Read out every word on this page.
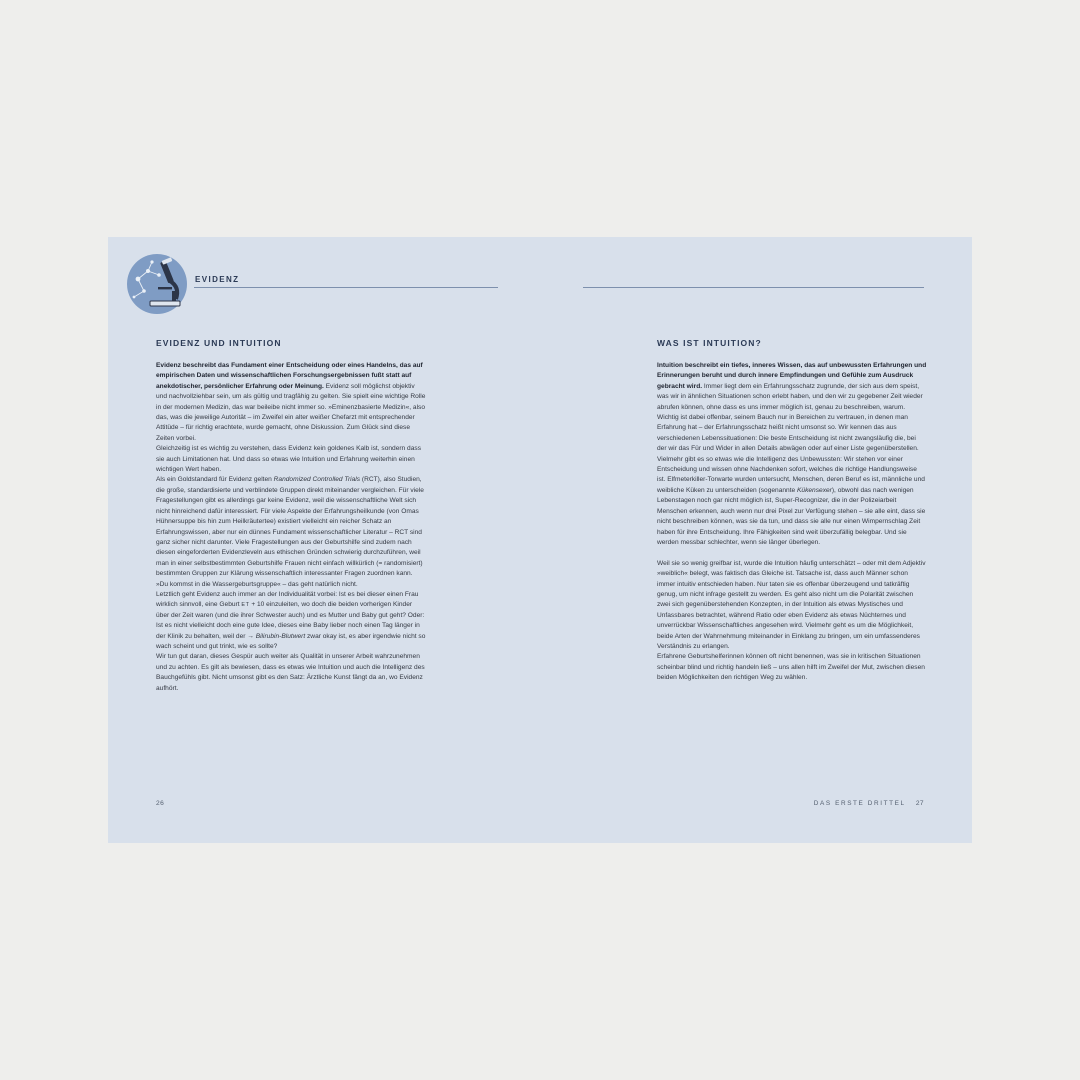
EVIDENZ
EVIDENZ UND INTUITION

Evidenz beschreibt das Fundament einer Entscheidung oder eines Handelns, das auf empirischen Daten und wissenschaftlichen Forschungsergebnissen fußt statt auf anekdotischer, persönlicher Erfahrung oder Meinung. Evidenz soll möglichst objektiv und nachvollziehbar sein, um als gültig und tragfähig zu gelten. Sie spielt eine wichtige Rolle in der modernen Medizin, das war beileibe nicht immer so. »Eminenzbasierte Medizin«, also das, was die jeweilige Autorität – im Zweifel ein alter weißer Chefarzt mit entsprechender Attitüde – für richtig erachtete, wurde gemacht, ohne Diskussion. Zum Glück sind diese Zeiten vorbei.

Gleichzeitig ist es wichtig zu verstehen, dass Evidenz kein goldenes Kalb ist, sondern dass sie auch Limitationen hat. Und dass so etwas wie Intuition und Erfahrung weiterhin einen wichtigen Wert haben.

Als ein Goldstandard für Evidenz gelten Randomized Controlled Trials (RCT), also Studien, die große, standardisierte und verblindete Gruppen direkt miteinander vergleichen. Für viele Fragestellungen gibt es allerdings gar keine Evidenz, weil die wissenschaftliche Welt sich nicht hinreichend dafür interessiert. Für viele Aspekte der Erfahrungsheilkunde (von Omas Hühnersuppe bis hin zum Heilkräutertee) existiert vielleicht ein reicher Schatz an Erfahrungswissen, aber nur ein dünnes Fundament wissenschaftlicher Literatur – RCT sind ganz sicher nicht darunter. Viele Fragestellungen aus der Geburtshilfe sind zudem nach diesen eingeforderten Evidenzleveln aus ethischen Gründen schwierig durchzuführen, weil man in einer selbstbestimmten Geburtshilfe Frauen nicht einfach willkürlich (= randomisiert) bestimmten Gruppen zur Klärung wissenschaftlich interessanter Fragen zuordnen kann. »Du kommst in die Wassergeburtsgruppe« – das geht natürlich nicht.

Letztlich geht Evidenz auch immer an der Individualität vorbei: Ist es bei dieser einen Frau wirklich sinnvoll, eine Geburt ET + 10 einzuleiten, wo doch die beiden vorherigen Kinder über der Zeit waren (und die ihrer Schwester auch) und es Mutter und Baby gut geht? Oder: Ist es nicht vielleicht doch eine gute Idee, dieses eine Baby lieber noch einen Tag länger in der Klinik zu behalten, weil der → Bilirubin-Blutwert zwar okay ist, es aber irgendwie nicht so wach scheint und gut trinkt, wie es sollte?

Wir tun gut daran, dieses Gespür auch weiter als Qualität in unserer Arbeit wahrzunehmen und zu achten. Es gilt als bewiesen, dass es etwas wie Intuition und auch die Intelligenz des Bauchgefühls gibt. Nicht umsonst gibt es den Satz: Ärztliche Kunst fängt da an, wo Evidenz aufhört.

26
WAS IST INTUITION?

Intuition beschreibt ein tiefes, inneres Wissen, das auf unbewussten Erfahrungen und Erinnerungen beruht und durch innere Empfindungen und Gefühle zum Ausdruck gebracht wird. Immer liegt dem ein Erfahrungsschatz zugrunde, der sich aus dem speist, was wir in ähnlichen Situationen schon erlebt haben, und den wir zu gegebener Zeit wieder abrufen können, ohne dass es uns immer möglich ist, genau zu beschreiben, warum.

Wichtig ist dabei offenbar, seinem Bauch nur in Bereichen zu vertrauen, in denen man Erfahrung hat – der Erfahrungsschatz heißt nicht umsonst so. Wir kennen das aus verschiedenen Lebenssituationen: Die beste Entscheidung ist nicht zwangsläufig die, bei der wir das Für und Wider in allen Details abwägen oder auf einer Liste gegenüberstellen. Vielmehr gibt es so etwas wie die Intelligenz des Unbewussten: Wir stehen vor einer Entscheidung und wissen ohne Nachdenken sofort, welches die richtige Handlungsweise ist. Elfmeterkiller-Torwarte wurden untersucht, Menschen, deren Beruf es ist, männliche und weibliche Küken zu unterscheiden (sogenannte Kükensexer), obwohl das nach wenigen Lebenstagen noch gar nicht möglich ist, Super-Recognizer, die in der Polizeiarbeit Menschen erkennen, auch wenn nur drei Pixel zur Verfügung stehen – sie alle eint, dass sie nicht beschreiben können, was sie da tun, und dass sie alle nur einen Wimpernschlag Zeit haben für ihre Entscheidung. Ihre Fähigkeiten sind weit überzufällig belegbar. Und sie werden messbar schlechter, wenn sie länger überlegen.

Weil sie so wenig greifbar ist, wurde die Intuition häufig unterschätzt – oder mit dem Adjektiv »weiblich« belegt, was faktisch das Gleiche ist. Tatsache ist, dass auch Männer schon immer intuitiv entschieden haben. Nur taten sie es offenbar überzeugend und tatkräftig genug, um nicht infrage gestellt zu werden. Es geht also nicht um die Polarität zwischen zwei sich gegenüberstehenden Konzepten, in der Intuition als etwas Mystisches und Unfassbares betrachtet, während Ratio oder eben Evidenz als etwas Nüchternes und unverrückbar Wissenschaftliches angesehen wird. Vielmehr geht es um die Möglichkeit, beide Arten der Wahrnehmung miteinander in Einklang zu bringen, um ein umfassenderes Verständnis zu erlangen.

Erfahrene Geburtshelferinnen können oft nicht benennen, was sie in kritischen Situationen scheinbar blind und richtig handeln ließ – uns allen hilft im Zweifel der Mut, zwischen diesen beiden Möglichkeiten den richtigen Weg zu wählen.

DAS ERSTE DRITTEL 27
